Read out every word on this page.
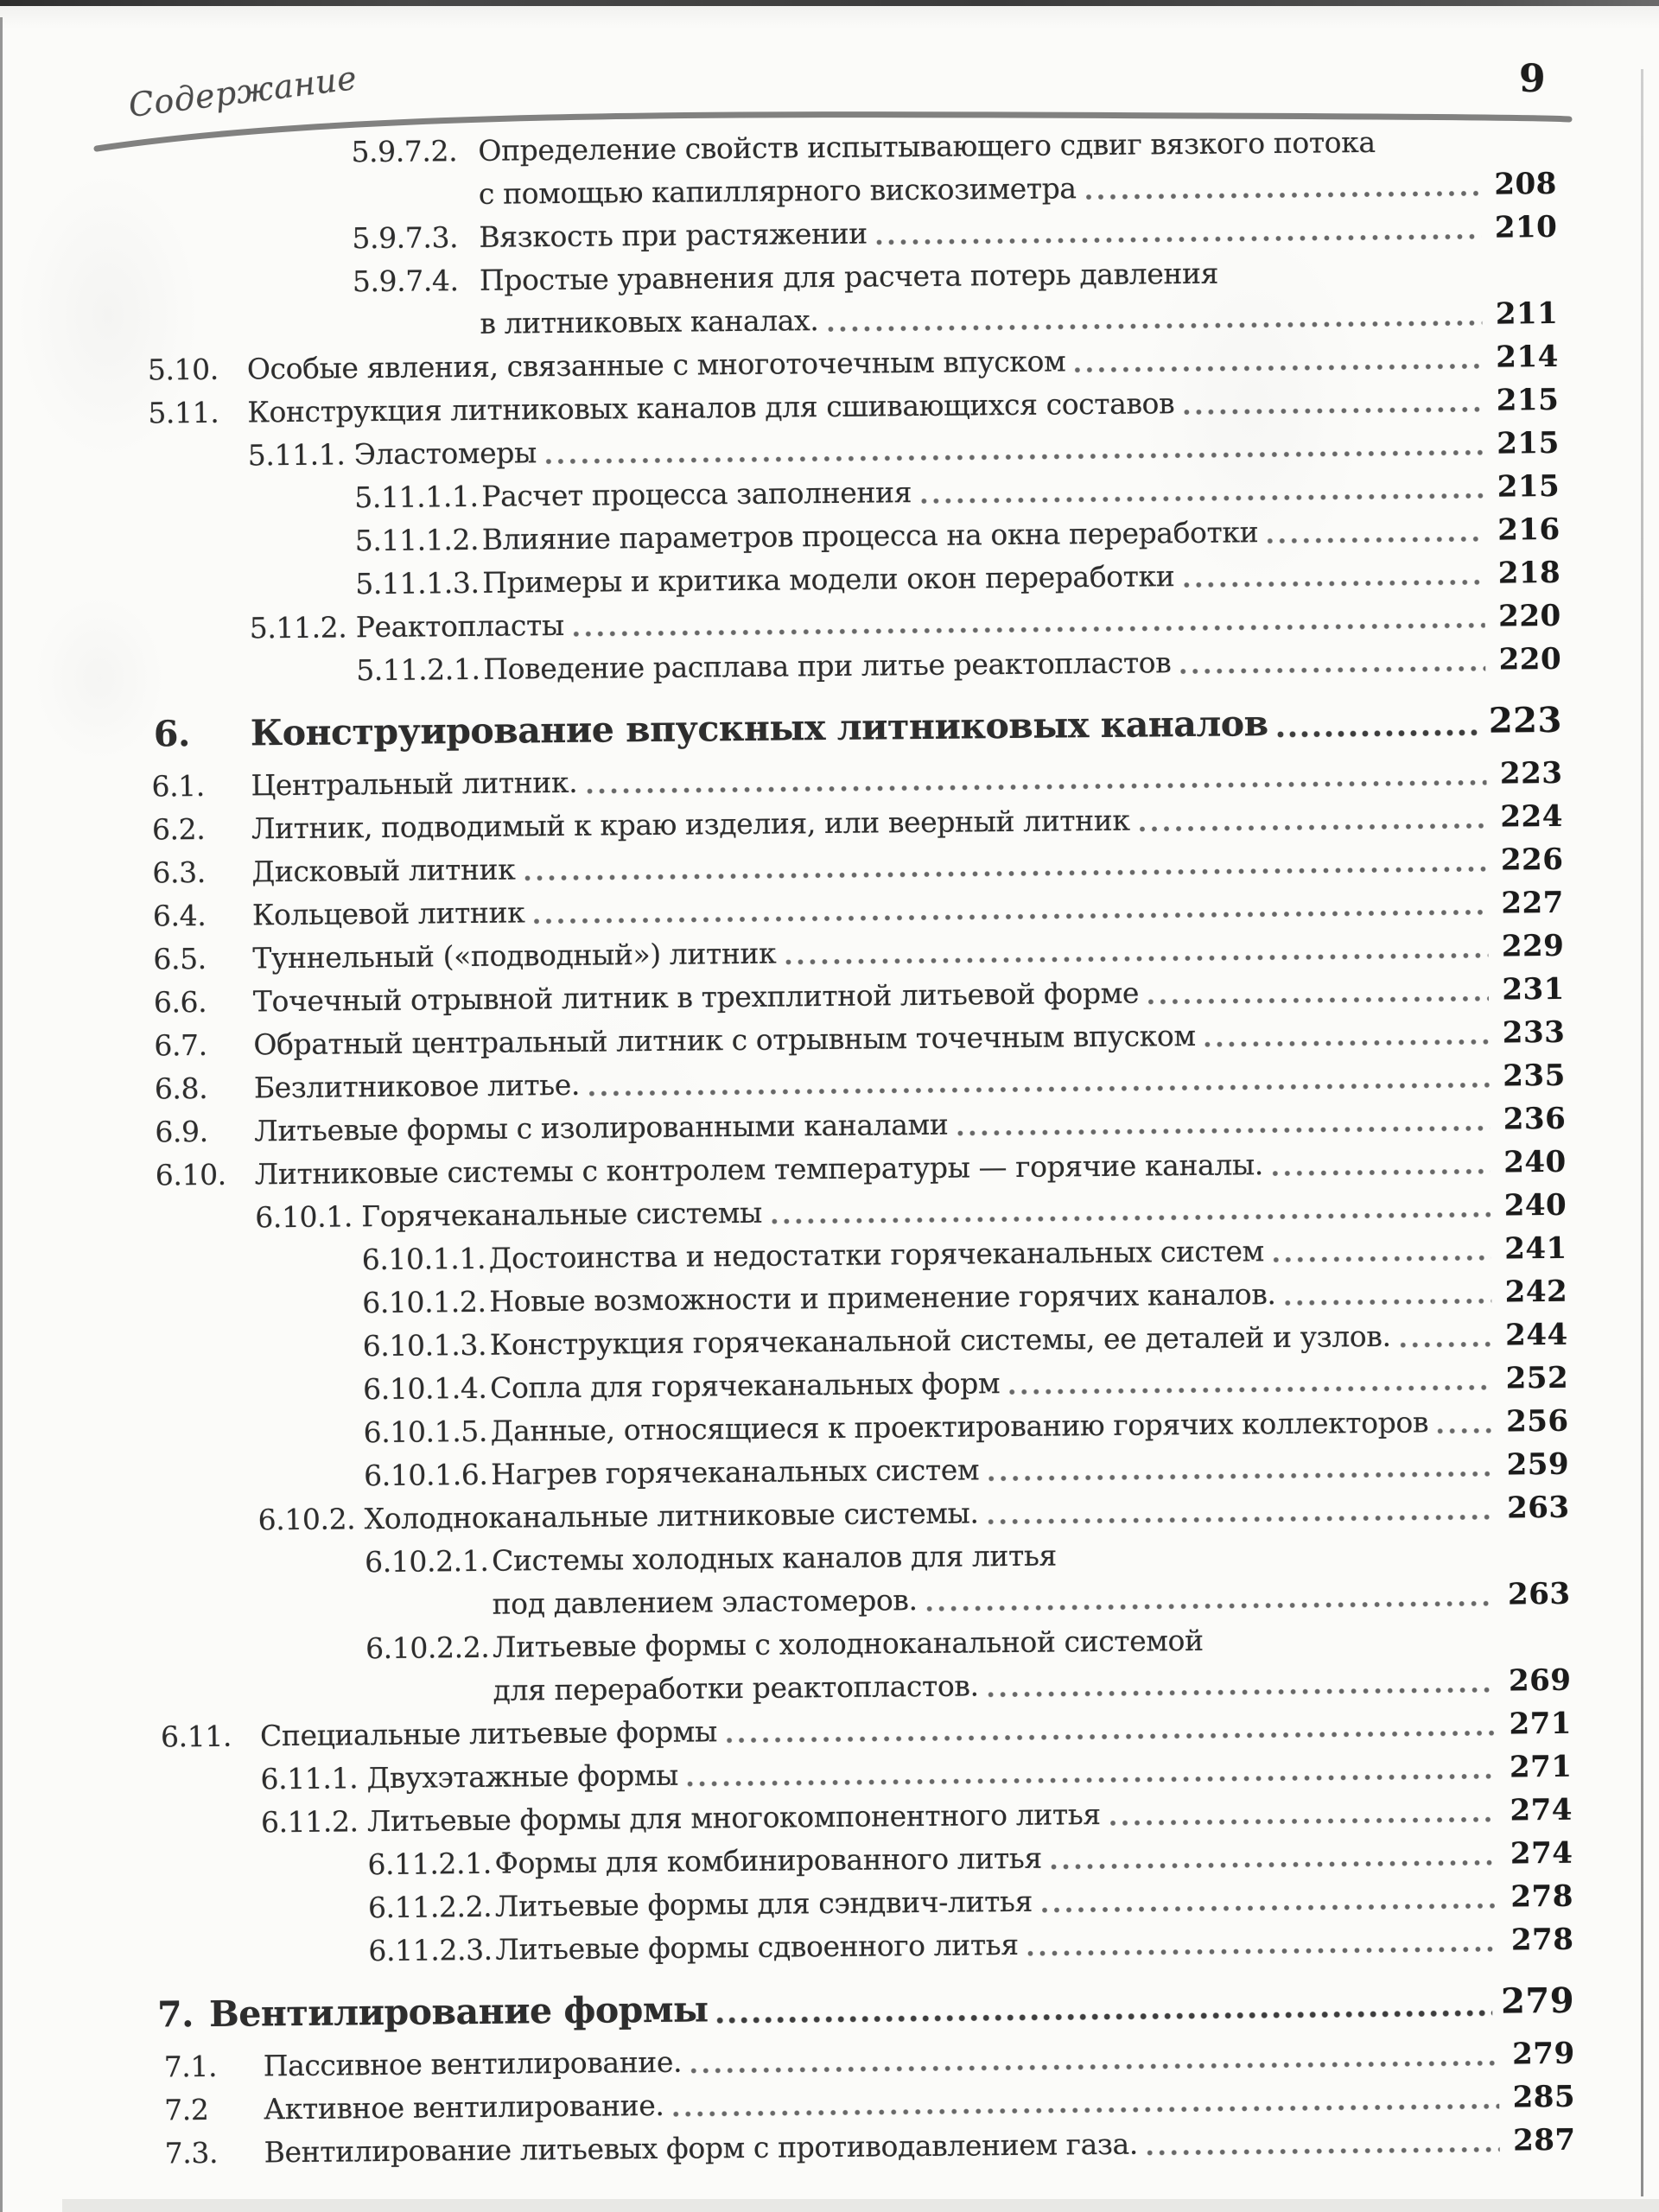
Содержание	9
5.9.7.2. Определение свойств испытывающего сдвиг вязкого потока
с помощью капиллярного вискозиметра	208
5.9.7.3. Вязкость при растяжении	210
5.9.7.4. Простые уравнения для расчета потерь давления
в литниковых каналах.	211
5.10. Особые явления, связанные с многоточечным впуском	214
5.11. Конструкция литниковых каналов для сшивающихся составов	215
5.11.1. Эластомеры	215
5.11.1.1. Расчет процесса заполнения	215
5.11.1.2. Влияние параметров процесса на окна переработки	216
5.11.1.3. Примеры и критика модели окон переработки	218
5.11.2. Реактопласты	220
5.11.2.1. Поведение расплава при литье реактопластов	220
6.	Конструирование впускных литниковых каналов	223
6.1.	Центральный литник.	223
6.2.	Литник, подводимый к краю изделия, или веерный литник	224
6.3.	Дисковый литник	226
6.4.	Кольцевой литник	227
6.5.	Туннельный («подводный») литник	229
6.6.	Точечный отрывной литник в трехплитной литьевой форме	231
6.7.	Обратный центральный литник с отрывным точечным впуском	233
6.8.	Безлитниковое литье.	235
6.9.	Литьевые формы с изолированными каналами	236
6.10. Литниковые системы с контролем температуры — горячие каналы.	240
6.10.1. Горячеканальные системы	240
6.10.1.1. Достоинства и недостатки горячеканальных систем	241
6.10.1.2. Новые возможности и применение горячих каналов.	242
6.10.1.3. Конструкция горячеканальной системы, ее деталей и узлов.	244
6.10.1.4. Сопла для горячеканальных форм	252
6.10.1.5. Данные, относящиеся к проектированию горячих коллекторов	256
6.10.1.6. Нагрев горячеканальных систем	259
6.10.2. Холодноканальные литниковые системы.	263
6.10.2.1. Системы холодных каналов для литья
под давлением эластомеров.	263
6.10.2.2. Литьевые формы с холодноканальной системой
для переработки реактопластов.	269
6.11. Специальные литьевые формы	271
6.11.1. Двухэтажные формы	271
6.11.2. Литьевые формы для многокомпонентного литья	274
6.11.2.1. Формы для комбинированного литья	274
6.11.2.2. Литьевые формы для сэндвич-литья	278
6.11.2.3. Литьевые формы сдвоенного литья	278
7. Вентилирование формы	279
7.1.	Пассивное вентилирование.	279
7.2	Активное вентилирование.	285
7.3.	Вентилирование литьевых форм с противодавлением газа.	287
